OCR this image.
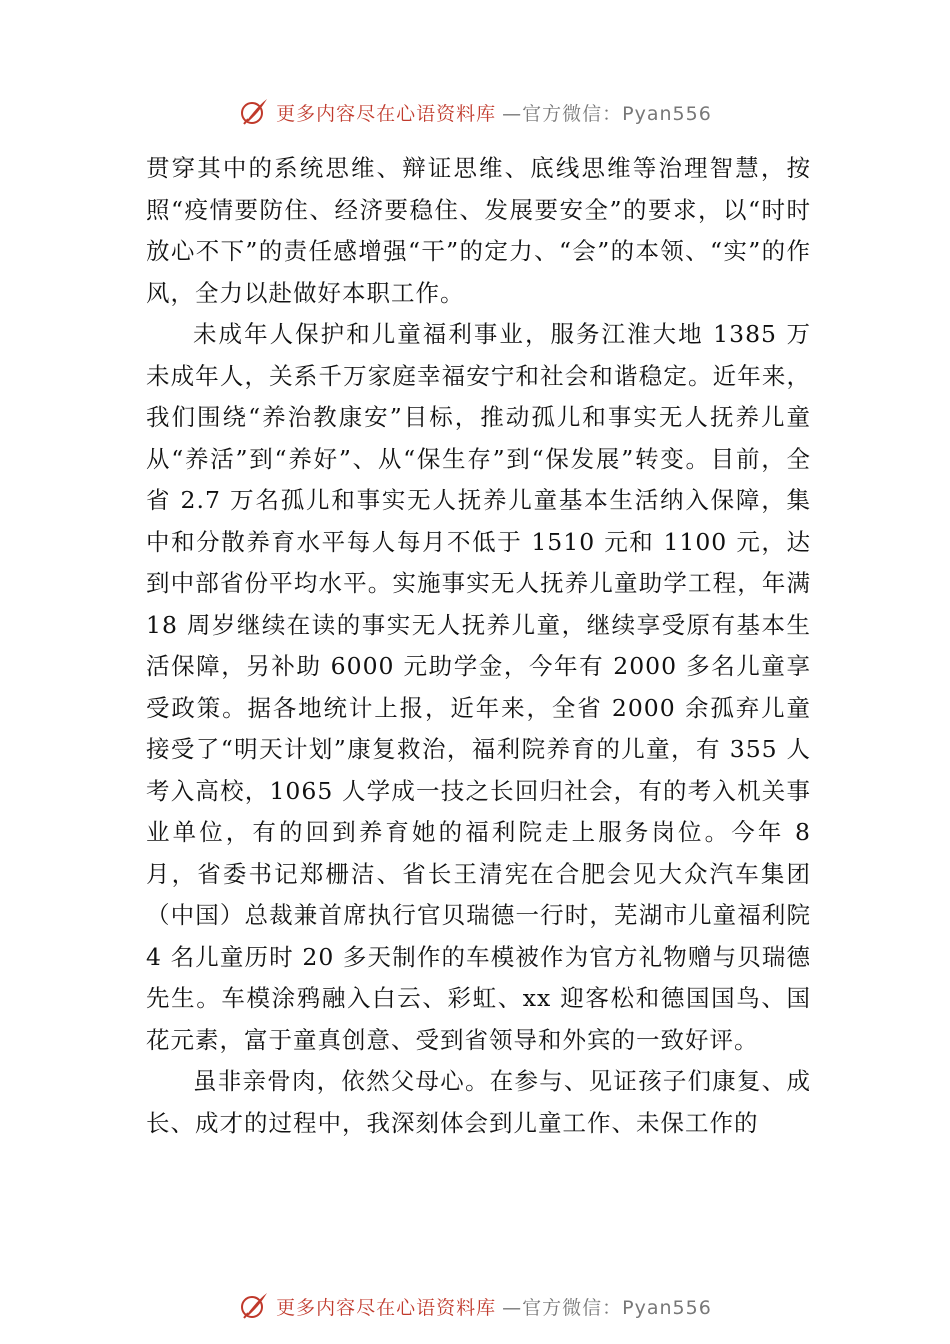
更多内容尽在心语资料库 —官方微信：Pyan556

贯穿其中的系统思维、辩证思维、底线思维等治理智慧，按 照“疫情要防住、经济要稳住、发展要安全”的要求，以“时时 放心不下”的责任感增强“干”的定力、“会”的本领、“实”的作风，全力以赴做好本职工作。

未成年人保护和儿童福利事业，服务江淮大地 1385 万未成年人，关系千万家庭幸福安宁和社会和谐稳定。近年来，我们围绕“养治教康安”目标，推动孤儿和事实无人抚养儿童从“养活”到“养好”、从“保生存”到“保发展”转变。目前，全省 2.7 万名孤儿和事实无人抚养儿童基本生活纳入保障，集中和分散养育水平每人每月不低于 1510 元和 1100 元，达到中部省份平均水平。实施事实无人抚养儿童助学工程，年满 18 周岁继续在读的事实无人抚养儿童，继续享受原有基本生活保障，另补助 6000 元助学金，今年有 2000 多名儿童享受政策。据各地统计上报，近年来，全省 2000 余孤弃儿童接受了“明天计划”康复救治，福利院养育的儿童，有 355 人考入高校，1065 人学成一技之长回归社会，有的考入机关事业单位，有的回到养育她的福利院走上服务岗位。今年 8 月，省委书记郑栅洁、省长王清宪在合肥会见大众汽车集团（中国）总裁兼首席执行官贝瑞德一行时，芜湖市儿童福利院 4 名儿童历时 20 多天制作的车模被作为官方礼物赠与贝瑞德先生。车模涂鸦融入白云、彩虹、xx 迎客松和德国国鸟、国花元素，富于童真创意、受到省领导和外宾的一致好评。

虽非亲骨肉，依然父母心。在参与、见证孩子们康复、成长、成才的过程中，我深刻体会到儿童工作、未保工作的

更多内容尽在心语资料库 —官方微信：Pyan556
